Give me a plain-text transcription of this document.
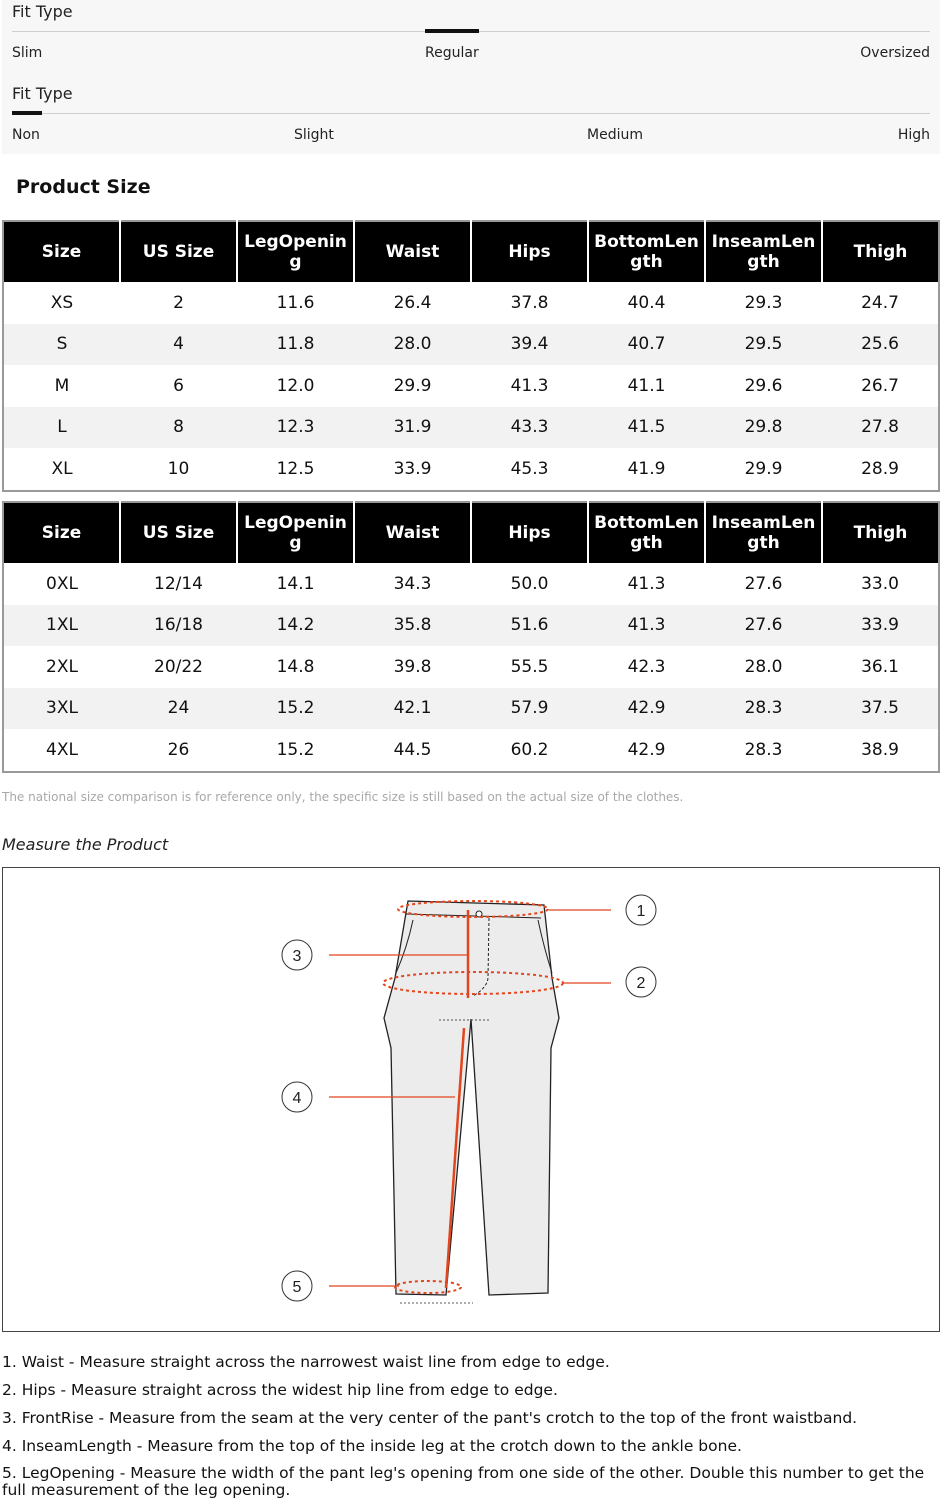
Fit Type
Slim	Regular	Oversized
Fit Type
Non	Slight	Medium	High
Product Size
Size	US Size	LegOpening	Waist	Hips	BottomLength	InseamLength	Thigh
XS	2	11.6	26.4	37.8	40.4	29.3	24.7
S	4	11.8	28.0	39.4	40.7	29.5	25.6
M	6	12.0	29.9	41.3	41.1	29.6	26.7
L	8	12.3	31.9	43.3	41.5	29.8	27.8
XL	10	12.5	33.9	45.3	41.9	29.9	28.9
Size	US Size	LegOpening	Waist	Hips	BottomLength	InseamLength	Thigh
0XL	12/14	14.1	34.3	50.0	41.3	27.6	33.0
1XL	16/18	14.2	35.8	51.6	41.3	27.6	33.9
2XL	20/22	14.8	39.8	55.5	42.3	28.0	36.1
3XL	24	15.2	42.1	57.9	42.9	28.3	37.5
4XL	26	15.2	44.5	60.2	42.9	28.3	38.9
The national size comparison is for reference only, the specific size is still based on the actual size of the clothes.
Measure the Product
1
2
3
4
5
1. Waist - Measure straight across the narrowest waist line from edge to edge.
2. Hips - Measure straight across the widest hip line from edge to edge.
3. FrontRise - Measure from the seam at the very center of the pant's crotch to the top of the front waistband.
4. InseamLength - Measure from the top of the inside leg at the crotch down to the ankle bone.
5. LegOpening - Measure the width of the pant leg's opening from one side of the other. Double this number to get the full measurement of the leg opening.
